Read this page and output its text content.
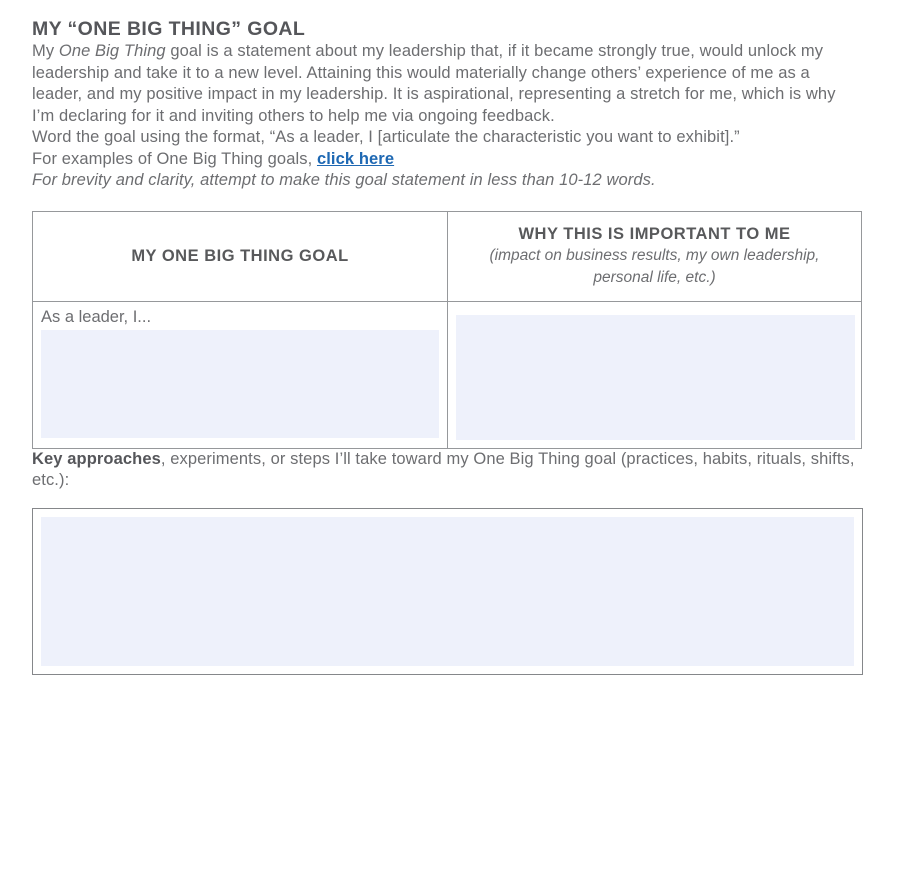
MY “ONE BIG THING” GOAL

My One Big Thing goal is a statement about my leadership that, if it became strongly true, would unlock my leadership and take it to a new level. Attaining this would materially change others’ experience of me as a leader, and my positive impact in my leadership. It is aspirational, representing a stretch for me, which is why I’m declaring for it and inviting others to help me via ongoing feedback.

Word the goal using the format, “As a leader, I [articulate the characteristic you want to exhibit].”

For examples of One Big Thing goals, click here

For brevity and clarity, attempt to make this goal statement in less than 10-12 words.

MY ONE BIG THING GOAL
WHY THIS IS IMPORTANT TO ME
(impact on business results, my own leadership, personal life, etc.)
As a leader, I...

Key approaches, experiments, or steps I’ll take toward my One Big Thing goal (practices, habits, rituals, shifts, etc.):
